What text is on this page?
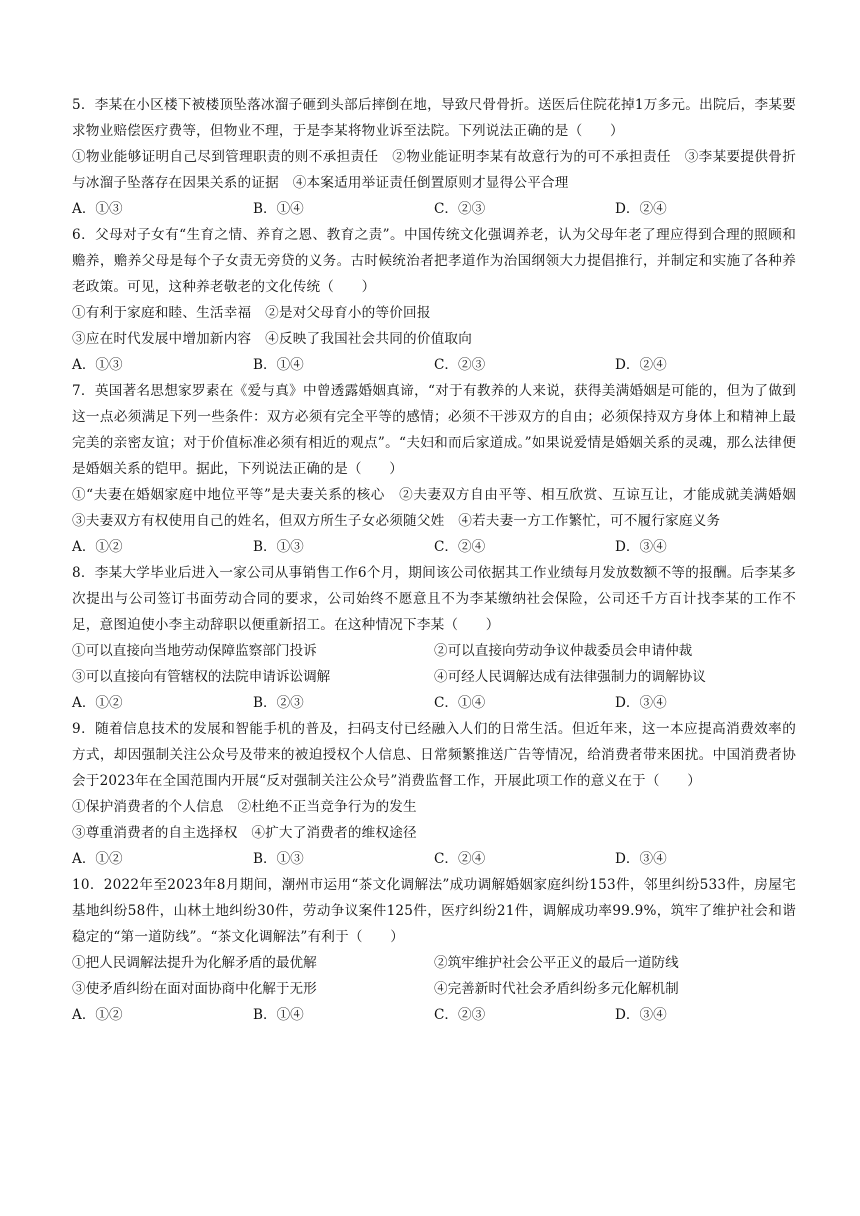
5．李某在小区楼下被楼顶坠落冰溜子砸到头部后摔倒在地，导致尺骨骨折。送医后住院花掉1万多元。出院后，李某要求物业赔偿医疗费等，但物业不理，于是李某将物业诉至法院。下列说法正确的是（　　）

①物业能够证明自己尽到管理职责的则不承担责任　②物业能证明李某有故意行为的可不承担责任　③李某要提供骨折与冰溜子坠落存在因果关系的证据　④本案适用举证责任倒置原则才显得公平合理

A．①③	B．①④	C．②③	D．②④

6．父母对子女有“生育之情、养育之恩、教育之责”。中国传统文化强调养老，认为父母年老了理应得到合理的照顾和赡养，赡养父母是每个子女责无旁贷的义务。古时候统治者把孝道作为治国纲领大力提倡推行，并制定和实施了各种养老政策。可见，这种养老敬老的文化传统（　　）

①有利于家庭和睦、生活幸福　②是对父母育小的等价回报

③应在时代发展中增加新内容　④反映了我国社会共同的价值取向

A．①③	B．①④	C．②③	D．②④

7．英国著名思想家罗素在《爱与真》中曾透露婚姻真谛，“对于有教养的人来说，获得美满婚姻是可能的，但为了做到这一点必须满足下列一些条件：双方必须有完全平等的感情；必须不干涉双方的自由；必须保持双方身体上和精神上最完美的亲密友谊；对于价值标准必须有相近的观点”。“夫妇和而后家道成。”如果说爱情是婚姻关系的灵魂，那么法律便是婚姻关系的铠甲。据此，下列说法正确的是（　　）

①“夫妻在婚姻家庭中地位平等”是夫妻关系的核心　②夫妻双方自由平等、相互欣赏、互谅互让，才能成就美满婚姻　③夫妻双方有权使用自己的姓名，但双方所生子女必须随父姓　④若夫妻一方工作繁忙，可不履行家庭义务

A．①②	B．①③	C．②④	D．③④

8．李某大学毕业后进入一家公司从事销售工作6个月，期间该公司依据其工作业绩每月发放数额不等的报酬。后李某多次提出与公司签订书面劳动合同的要求，公司始终不愿意且不为李某缴纳社会保险，公司还千方百计找李某的工作不足，意图迫使小李主动辞职以便重新招工。在这种情况下李某（　　）

①可以直接向当地劳动保障监察部门投诉	②可以直接向劳动争议仲裁委员会申请仲裁
③可以直接向有管辖权的法院申请诉讼调解	④可经人民调解达成有法律强制力的调解协议
A．①②	B．②③	C．①④	D．③④

9．随着信息技术的发展和智能手机的普及，扫码支付已经融入人们的日常生活。但近年来，这一本应提高消费效率的方式，却因强制关注公众号及带来的被迫授权个人信息、日常频繁推送广告等情况，给消费者带来困扰。中国消费者协会于2023年在全国范围内开展“反对强制关注公众号”消费监督工作，开展此项工作的意义在于（　　）

①保护消费者的个人信息　②杜绝不正当竞争行为的发生

③尊重消费者的自主选择权　④扩大了消费者的维权途径

A．①②	B．①③	C．②④	D．③④

10．2022年至2023年8月期间，潮州市运用“茶文化调解法”成功调解婚姻家庭纠纷153件，邻里纠纷533件，房屋宅基地纠纷58件，山林土地纠纷30件，劳动争议案件125件，医疗纠纷21件，调解成功率99.9%，筑牢了维护社会和谐稳定的“第一道防线”。“茶文化调解法”有利于（　　）

①把人民调解法提升为化解矛盾的最优解	②筑牢维护社会公平正义的最后一道防线
③使矛盾纠纷在面对面协商中化解于无形	④完善新时代社会矛盾纠纷多元化解机制
A．①②	B．①④	C．②③	D．③④
